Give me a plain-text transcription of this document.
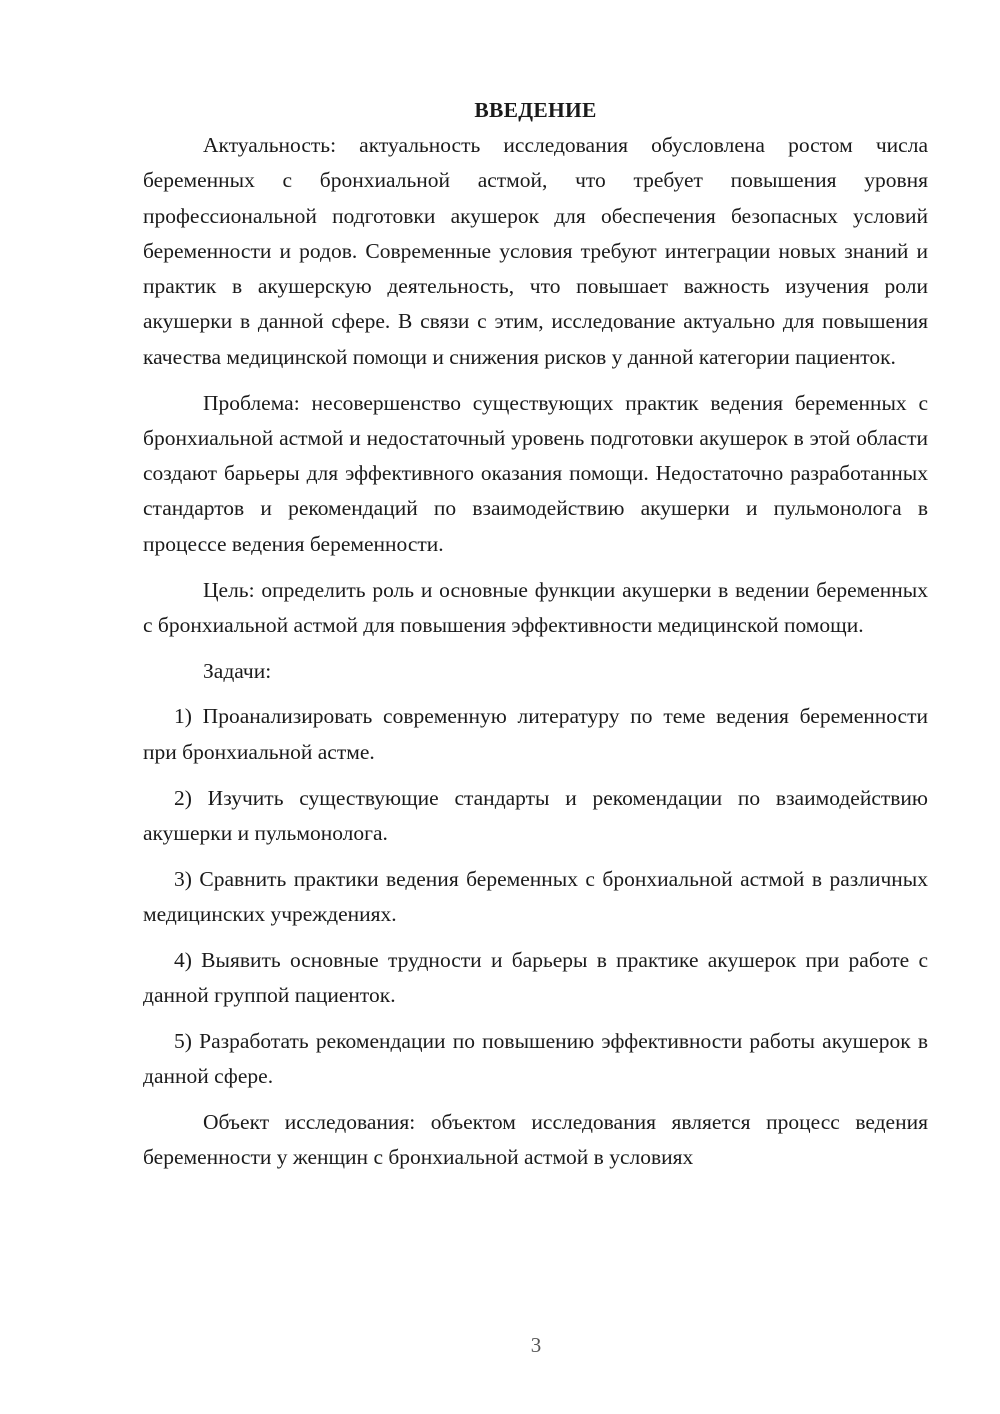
ВВЕДЕНИЕ

Актуальность: актуальность исследования обусловлена ростом числа беременных с бронхиальной астмой, что требует повышения уровня профессиональной подготовки акушерок для обеспечения безопасных условий беременности и родов. Современные условия требуют интеграции новых знаний и практик в акушерскую деятельность, что повышает важность изучения роли акушерки в данной сфере. В связи с этим, исследование актуально для повышения качества медицинской помощи и снижения рисков у данной категории пациенток.

Проблема: несовершенство существующих практик ведения беременных с бронхиальной астмой и недостаточный уровень подготовки акушерок в этой области создают барьеры для эффективного оказания помощи. Недостаточно разработанных стандартов и рекомендаций по взаимодействию акушерки и пульмонолога в процессе ведения беременности.

Цель: определить роль и основные функции акушерки в ведении беременных с бронхиальной астмой для повышения эффективности медицинской помощи.

Задачи:

1) Проанализировать современную литературу по теме ведения беременности при бронхиальной астме.

2) Изучить существующие стандарты и рекомендации по взаимодействию акушерки и пульмонолога.

3) Сравнить практики ведения беременных с бронхиальной астмой в различных медицинских учреждениях.

4) Выявить основные трудности и барьеры в практике акушерок при работе с данной группой пациенток.

5) Разработать рекомендации по повышению эффективности работы акушерок в данной сфере.

Объект исследования: объектом исследования является процесс ведения беременности у женщин с бронхиальной астмой в условиях

3
